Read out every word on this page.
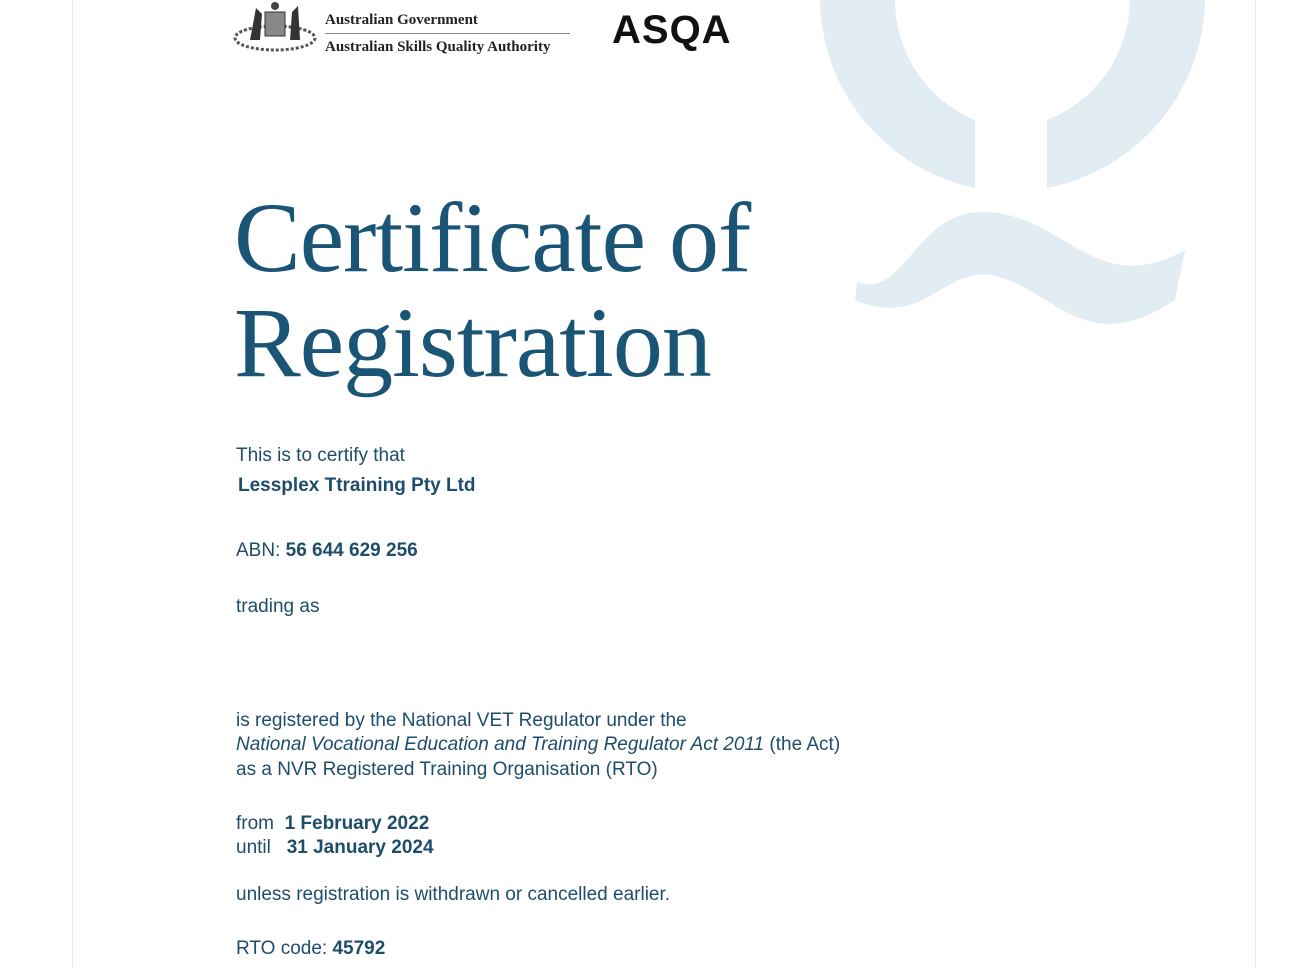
Australian Government
Australian Skills Quality Authority	ASQA
Certificate of
Registration
This is to certify that
Lessplex Ttraining Pty Ltd
ABN: 56 644 629 256
trading as
is registered by the National VET Regulator under the
National Vocational Education and Training Regulator Act 2011 (the Act)
as a NVR Registered Training Organisation (RTO)
from 1 February 2022
until 31 January 2024
unless registration is withdrawn or cancelled earlier.
RTO code: 45792
